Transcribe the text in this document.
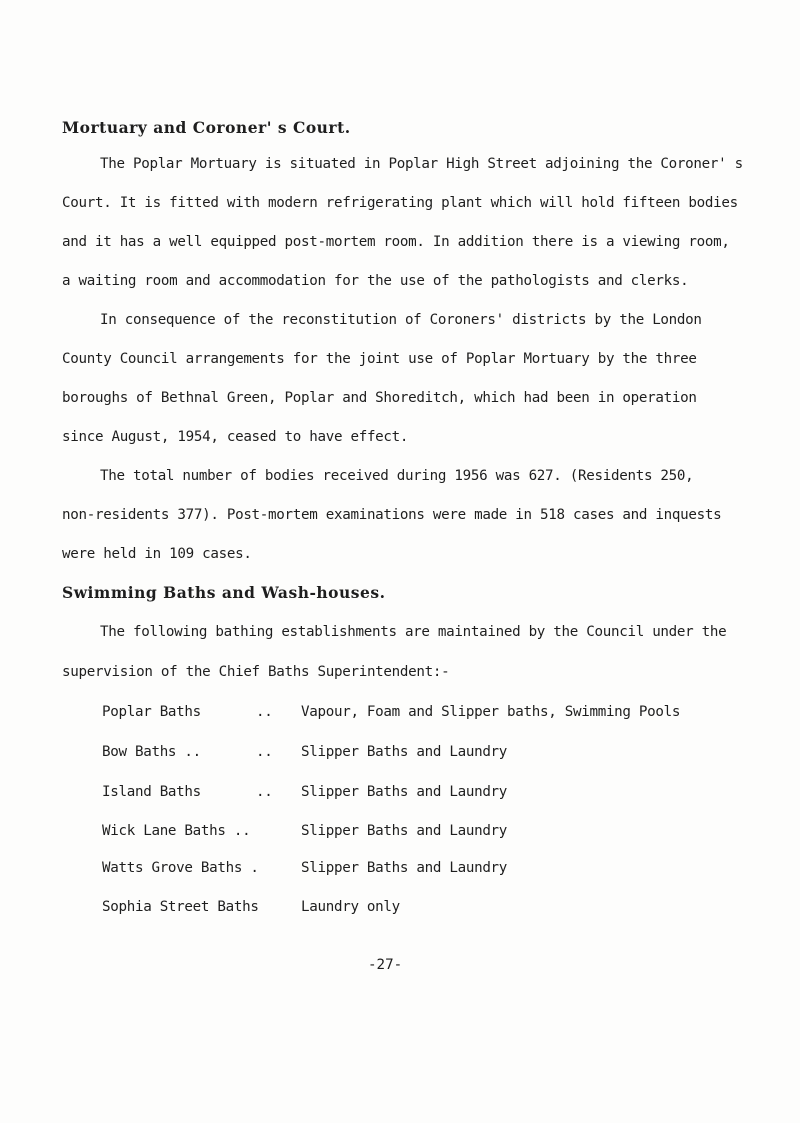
Mortuary and Coroner' s Court.
The Poplar Mortuary is situated in Poplar High Street adjoining the Coroner' s
Court. It is fitted with modern refrigerating plant which will hold fifteen bodies
and it has a well equipped post-mortem room. In addition there is a viewing room,
a waiting room and accommodation for the use of the pathologists and clerks.
In consequence of the reconstitution of Coroners' districts by the London
County Council arrangements for the joint use of Poplar Mortuary by the three
boroughs of Bethnal Green, Poplar and Shoreditch, which had been in operation
since August, 1954, ceased to have effect.
The total number of bodies received during 1956 was 627. (Residents 250,
non-residents 377). Post-mortem examinations were made in 518 cases and inquests
were held in 109 cases.
Swimming Baths and Wash-houses.
The following bathing establishments are maintained by the Council under the
supervision of the Chief Baths Superintendent:-
Poplar Baths	.. Vapour, Foam and Slipper baths, Swimming Pools
Bow Baths ..	.. Slipper Baths and Laundry
Island Baths	.. Slipper Baths and Laundry
Wick Lane Baths ..	Slipper Baths and Laundry
Watts Grove Baths .	Slipper Baths and Laundry
Sophia Street Baths	Laundry only
-27-
